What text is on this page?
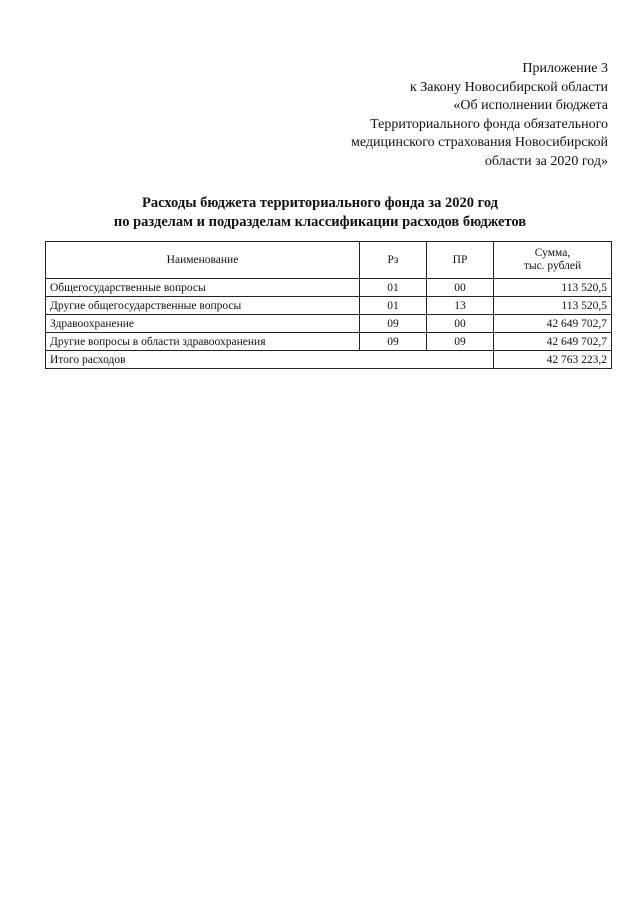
Приложение 3
к Закону Новосибирской области
«Об исполнении бюджета
Территориального фонда обязательного
медицинского страхования Новосибирской
области за 2020 год»
Расходы бюджета территориального фонда за 2020 год
по разделам и подразделам классификации расходов бюджетов
Наименование	Рз	ПР	Сумма,
тыс. рублей

Общегосударственные вопросы	01	00	113 520,5
Другие общегосударственные вопросы	01	13	113 520,5
Здравоохранение	09	00	42 649 702,7
Другие вопросы в области здравоохранения	09	09	42 649 702,7
Итого расходов			42 763 223,2
